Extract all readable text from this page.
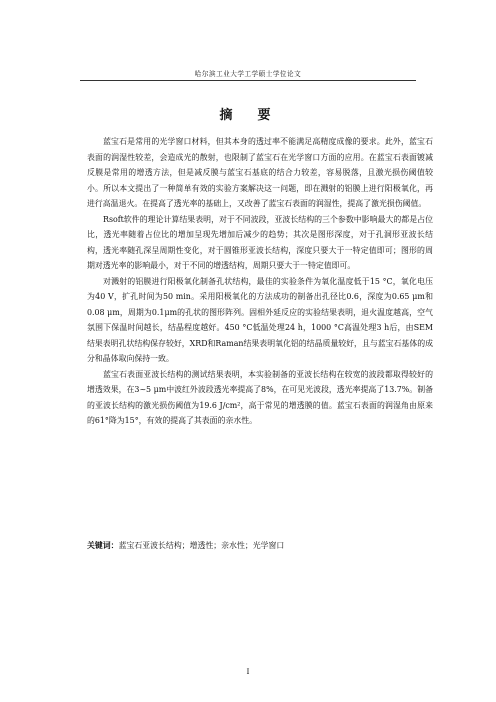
哈尔滨工业大学工学硕士学位论文
摘　要

蓝宝石是常用的光学窗口材料，但其本身的透过率不能满足高精度成像的要求。此外，蓝宝石表面的润湿性较差，会造成光的散射，也限制了蓝宝石在光学窗口方面的应用。在蓝宝石表面镀减反膜是常用的增透方法，但是减反膜与蓝宝石基底的结合力较差，容易脱落，且激光损伤阈值较小。所以本文提出了一种简单有效的实验方案解决这一问题，即在溅射的铝膜上进行阳极氧化，再进行高温退火。在提高了透光率的基础上，又改善了蓝宝石表面的润湿性，提高了激光损伤阈值。

Rsoft软件的理论计算结果表明，对于不同波段，亚波长结构的三个参数中影响最大的都是占位比，透光率随着占位比的增加呈现先增加后减少的趋势；其次是图形深度，对于孔洞形亚波长结构，透光率随孔深呈周期性变化，对于圆锥形亚波长结构，深度只要大于一特定值即可；图形的周期对透光率的影响最小，对于不同的增透结构，周期只要大于一特定值即可。

对溅射的铝膜进行阳极氧化制备孔状结构，最佳的实验条件为氧化温度低于15 °C，氧化电压为40 V，扩孔时间为50 min。采用阳极氧化的方法成功的制备出孔径比0.6，深度为0.65 μm和0.08 μm，周期为0.1μm的孔状的图形阵列。固相外延反应的实验结果表明，退火温度越高，空气氛围下保温时间越长，结晶程度越好。450 °C低温处理24 h，1000 °C高温处理3 h后，由SEM结果表明孔状结构保存较好，XRD和Raman结果表明氧化铝的结晶质量较好，且与蓝宝石基体的成分和晶体取向保持一致。

蓝宝石表面亚波长结构的测试结果表明，本实验制备的亚波长结构在较宽的波段都取得较好的增透效果，在3~5 μm中波红外波段透光率提高了8%，在可见光波段，透光率提高了13.7%。制备的亚波长结构的激光损伤阈值为19.6 J/cm²，高于常见的增透膜的值。蓝宝石表面的润湿角由原来的61°降为15°，有效的提高了其表面的亲水性。

关键词：蓝宝石亚波长结构；增透性；亲水性；光学窗口
I
